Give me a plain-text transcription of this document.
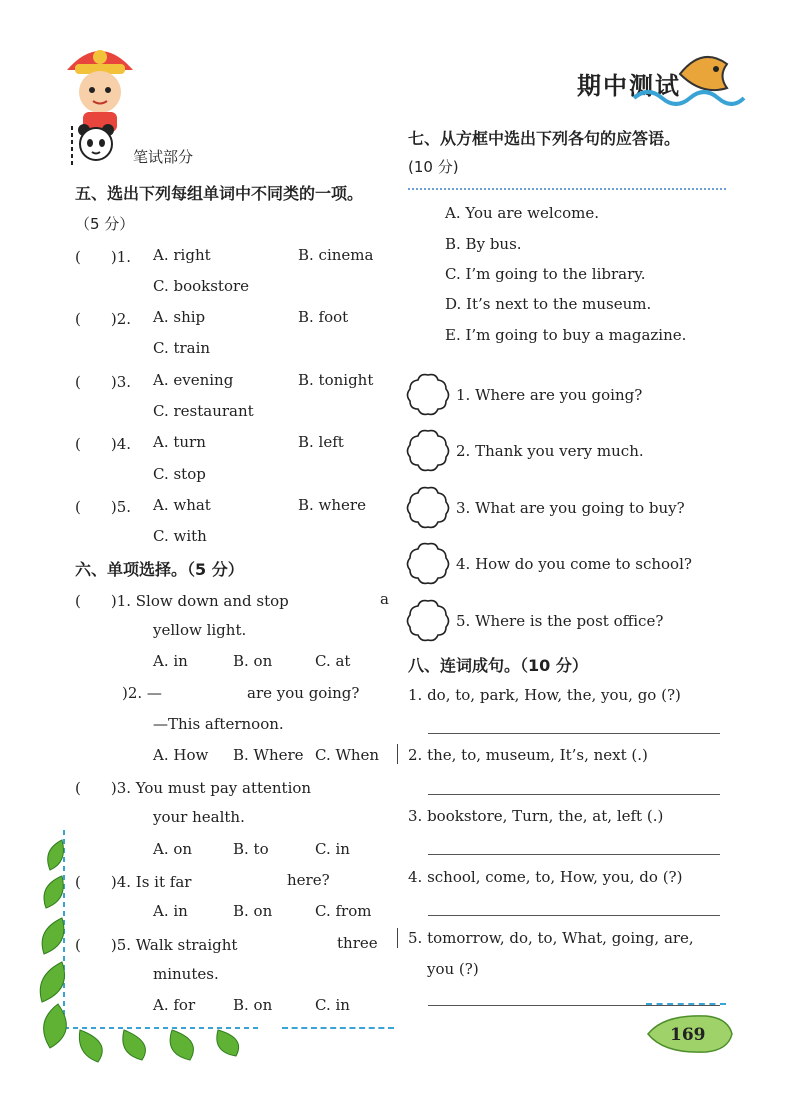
笔试部分
期中测试
五、选出下列每组单词中不同类的一项。
（5 分）
(　　)1. A. right	B. cinema
C. bookstore
(　　)2. A. ship	B. foot
C. train
(　　)3. A. evening	B. tonight
C. restaurant
(　　)4. A. turn	B. left
C. stop
(　　)5. A. what	B. where
C. with
六、单项选择。（5 分）
(　　)1. Slow down and stop	a
yellow light.
A. in	B. on	C. at
)2. —	are you going?
—This afternoon.
A. How B. Where C. When
(　　)3. You must pay attention
your health.
A. on	B. to	C. in
(　　)4. Is it far	here?
A. in	B. on	C. from
(　　)5. Walk straight	three
minutes.
A. for	B. on	C. in
七、从方框中选出下列各句的应答语。
(10 分)
A. You are welcome.
B. By bus.
C. I’m going to the library.
D. It’s next to the museum.
E. I’m going to buy a magazine.
1. Where are you going?
2. Thank you very much.
3. What are you going to buy?
4. How do you come to school?
5. Where is the post office?
八、连词成句。（10 分）
1. do, to, park, How, the, you, go (?)
2. the, to, museum, It’s, next (.)
3. bookstore, Turn, the, at, left (.)
4. school, come, to, How, you, do (?)
5. tomorrow, do, to, What, going, are,
you (?)
169
